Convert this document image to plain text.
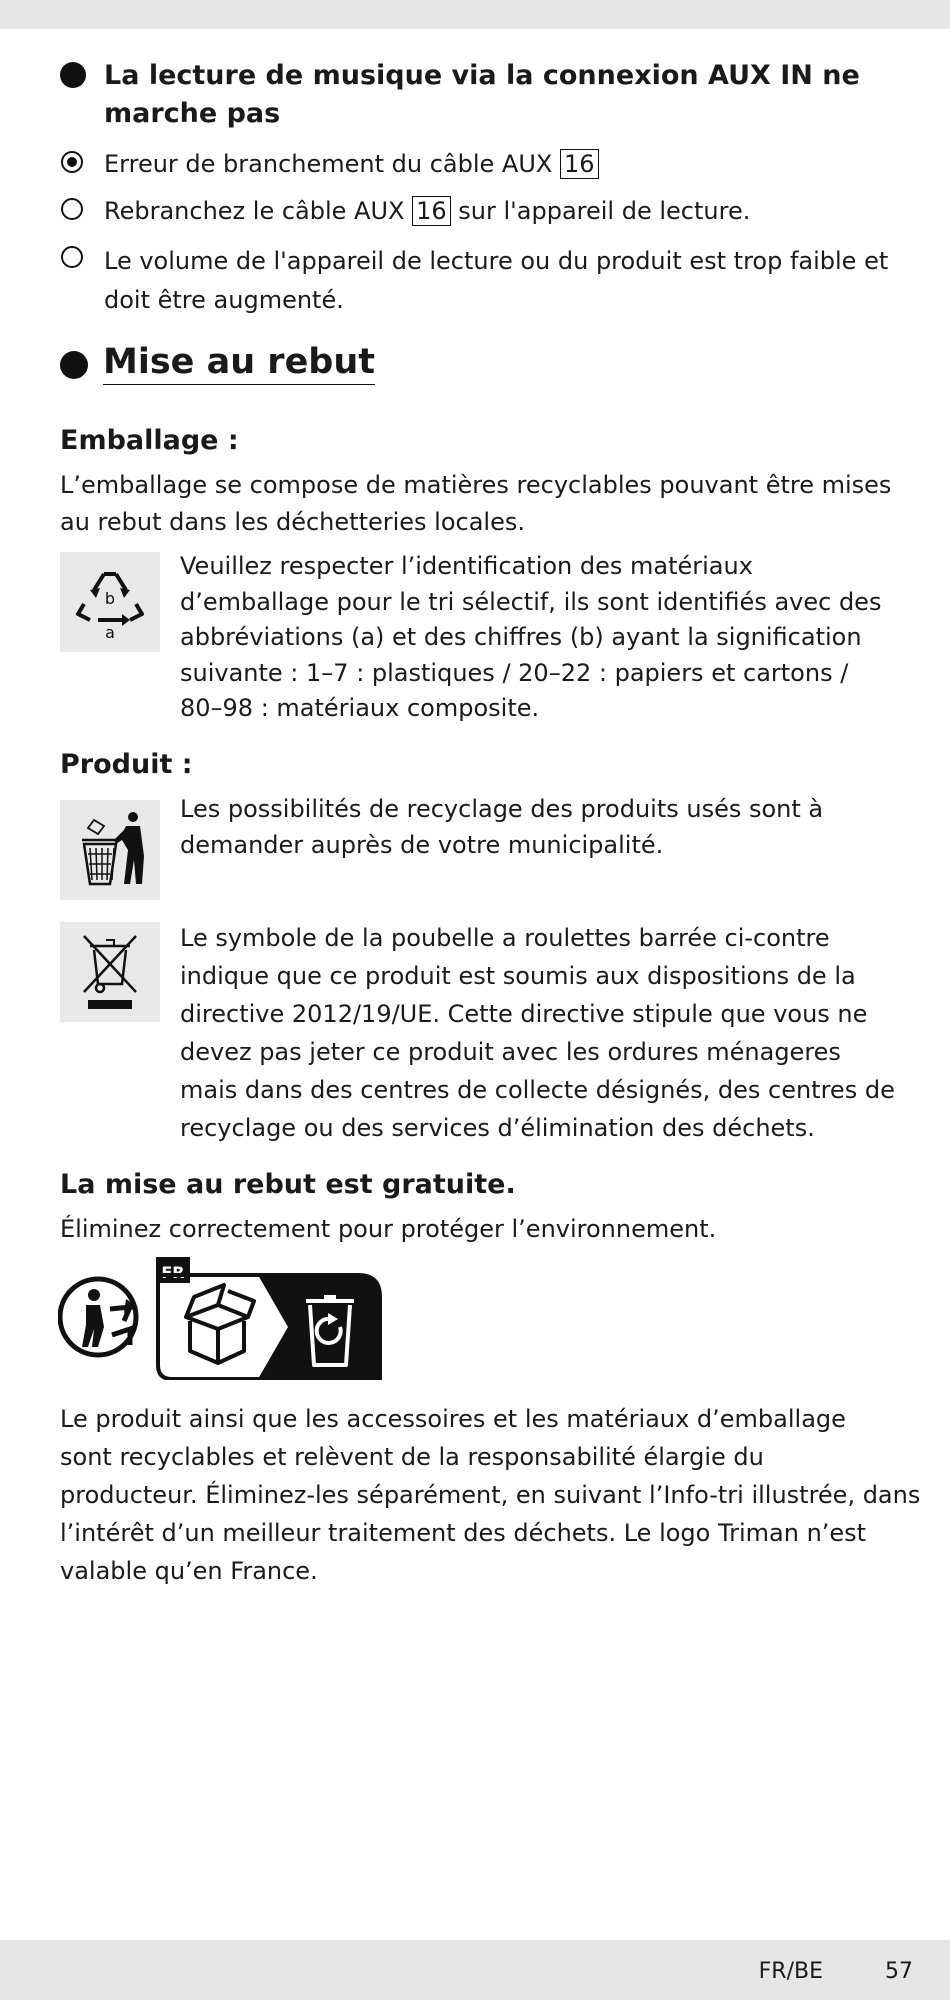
La lecture de musique via la connexion AUX IN ne
marche pas
Erreur de branchement du câble AUX 16
Rebranchez le câble AUX 16 sur l'appareil de lecture.
Le volume de l'appareil de lecture ou du produit est trop faible et
doit être augmenté.
Mise au rebut
Emballage :
L’emballage se compose de matières recyclables pouvant être mises
au rebut dans les déchetteries locales.
b
a
Veuillez respecter l’identification des matériaux
d’emballage pour le tri sélectif, ils sont identifiés avec des
abbréviations (a) et des chiffres (b) ayant la signification
suivante : 1–7 : plastiques / 20–22 : papiers et cartons /
80–98 : matériaux composite.
Produit :
Les possibilités de recyclage des produits usés sont à
demander auprès de votre municipalité.
Le symbole de la poubelle a roulettes barrée ci-contre
indique que ce produit est soumis aux dispositions de la
directive 2012/19/UE. Cette directive stipule que vous ne
devez pas jeter ce produit avec les ordures ménageres
mais dans des centres de collecte désignés, des centres de
recyclage ou des services d’élimination des déchets.
La mise au rebut est gratuite.
Éliminez correctement pour protéger l’environnement.
FR
Le produit ainsi que les accessoires et les matériaux d’emballage
sont recyclables et relèvent de la responsabilité élargie du
producteur. Éliminez-les séparément, en suivant l’Info-tri illustrée, dans
l’intérêt d’un meilleur traitement des déchets. Le logo Triman n’est
valable qu’en France.
FR/BE	57
